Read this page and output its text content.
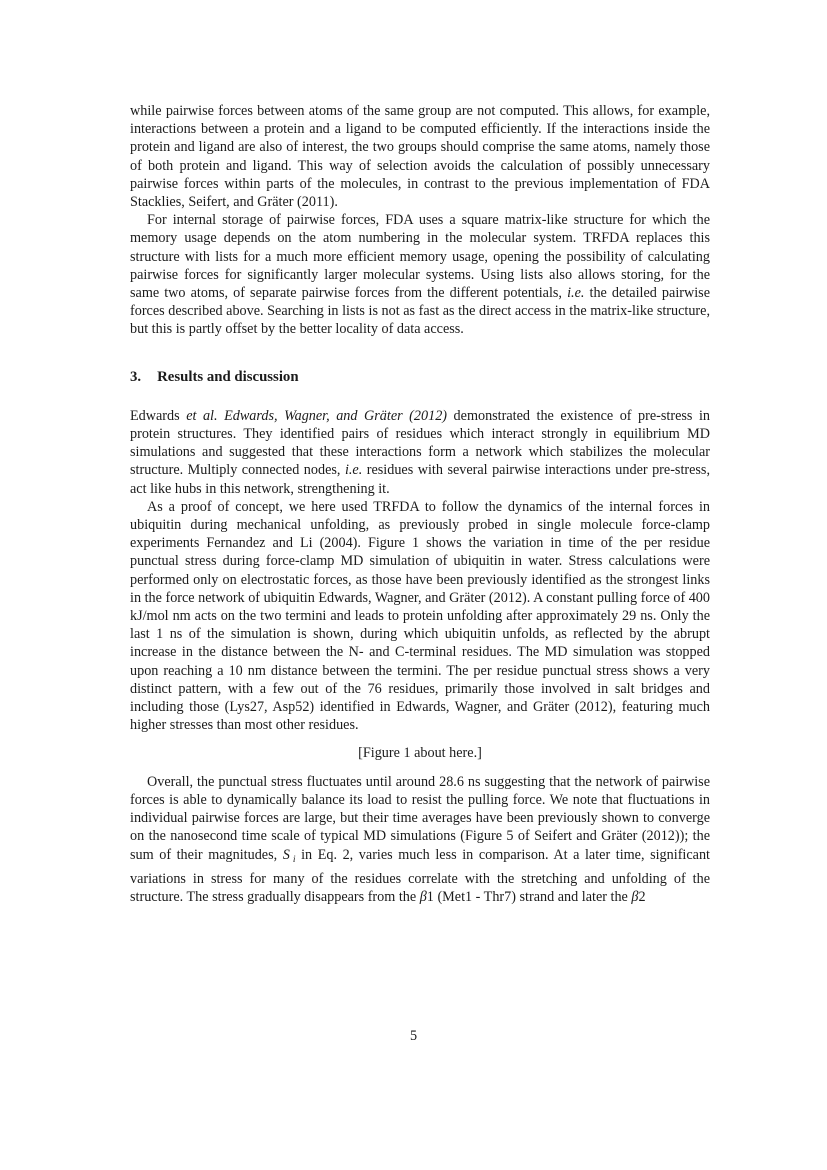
while pairwise forces between atoms of the same group are not computed. This allows, for example, interactions between a protein and a ligand to be computed efficiently. If the interactions inside the protein and ligand are also of interest, the two groups should comprise the same atoms, namely those of both protein and ligand. This way of selection avoids the calculation of possibly unnecessary pairwise forces within parts of the molecules, in contrast to the previous implementation of FDA Stacklies, Seifert, and Gräter (2011).

For internal storage of pairwise forces, FDA uses a square matrix-like structure for which the memory usage depends on the atom numbering in the molecular system. TRFDA replaces this structure with lists for a much more efficient memory usage, opening the possibility of calculating pairwise forces for significantly larger molecular systems. Using lists also allows storing, for the same two atoms, of separate pairwise forces from the different potentials, i.e. the detailed pairwise forces described above. Searching in lists is not as fast as the direct access in the matrix-like structure, but this is partly offset by the better locality of data access.

3. Results and discussion

Edwards et al. Edwards, Wagner, and Gräter (2012) demonstrated the existence of pre-stress in protein structures. They identified pairs of residues which interact strongly in equilibrium MD simulations and suggested that these interactions form a network which stabilizes the molecular structure. Multiply connected nodes, i.e. residues with several pairwise interactions under pre-stress, act like hubs in this network, strengthening it.

As a proof of concept, we here used TRFDA to follow the dynamics of the internal forces in ubiquitin during mechanical unfolding, as previously probed in single molecule force-clamp experiments Fernandez and Li (2004). Figure 1 shows the variation in time of the per residue punctual stress during force-clamp MD simulation of ubiquitin in water. Stress calculations were performed only on electrostatic forces, as those have been previously identified as the strongest links in the force network of ubiquitin Edwards, Wagner, and Gräter (2012). A constant pulling force of 400 kJ/mol nm acts on the two termini and leads to protein unfolding after approximately 29 ns. Only the last 1 ns of the simulation is shown, during which ubiquitin unfolds, as reflected by the abrupt increase in the distance between the N- and C-terminal residues. The MD simulation was stopped upon reaching a 10 nm distance between the termini. The per residue punctual stress shows a very distinct pattern, with a few out of the 76 residues, primarily those involved in salt bridges and including those (Lys27, Asp52) identified in Edwards, Wagner, and Gräter (2012), featuring much higher stresses than most other residues.

[Figure 1 about here.]

Overall, the punctual stress fluctuates until around 28.6 ns suggesting that the network of pairwise forces is able to dynamically balance its load to resist the pulling force. We note that fluctuations in individual pairwise forces are large, but their time averages have been previously shown to converge on the nanosecond time scale of typical MD simulations (Figure 5 of Seifert and Gräter (2012)); the sum of their magnitudes, S $_i$ in Eq. 2, varies much less in comparison. At a later time, significant variations in stress for many of the residues correlate with the stretching and unfolding of the structure. The stress gradually disappears from the β1 (Met1 - Thr7) strand and later the β2

5
